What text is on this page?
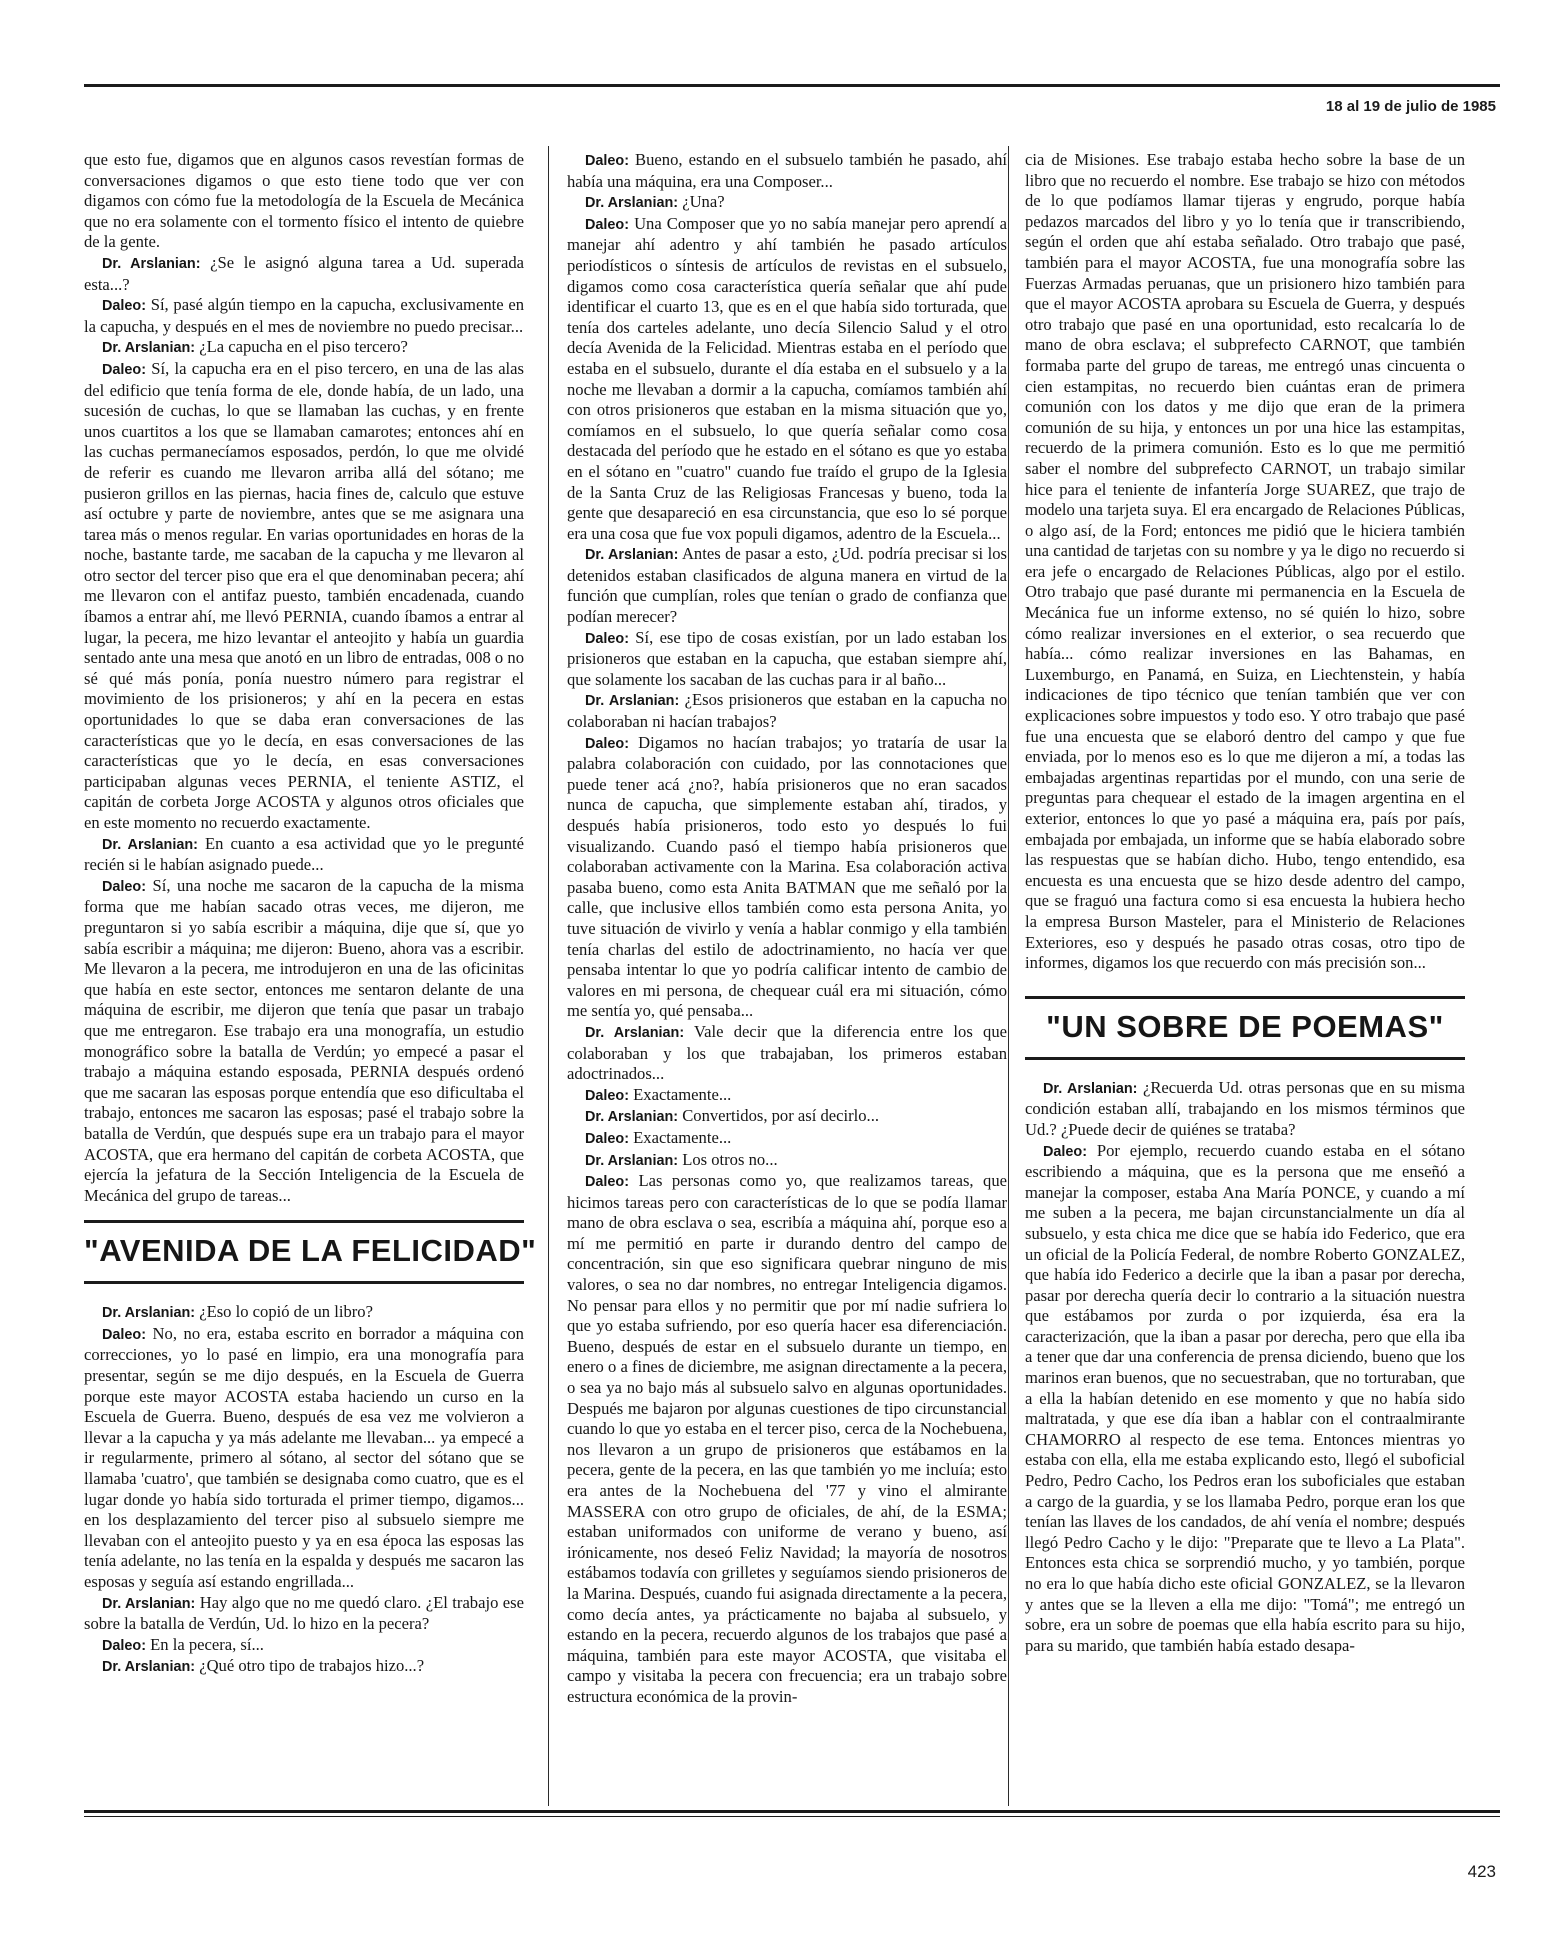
18 al 19 de julio de 1985

que esto fue, digamos que en algunos casos revestían formas de conversaciones digamos o que esto tiene todo que ver con digamos con cómo fue la metodología de la Escuela de Mecánica que no era solamente con el tormento físico el intento de quiebre de la gente.

Dr. Arslanian: ¿Se le asignó alguna tarea a Ud. superada esta...?

Daleo: Sí, pasé algún tiempo en la capucha, exclusivamente en la capucha, y después en el mes de noviembre no puedo precisar...

Dr. Arslanian: ¿La capucha en el piso tercero?

Daleo: Sí, la capucha era en el piso tercero, en una de las alas del edificio que tenía forma de ele, donde había, de un lado, una sucesión de cuchas, lo que se llamaban las cuchas, y en frente unos cuartitos a los que se llamaban camarotes; entonces ahí en las cuchas permanecíamos esposados, perdón, lo que me olvidé de referir es cuando me llevaron arriba allá del sótano; me pusieron grillos en las piernas, hacia fines de, calculo que estuve así octubre y parte de noviembre, antes que se me asignara una tarea más o menos regular. En varias oportunidades en horas de la noche, bastante tarde, me sacaban de la capucha y me llevaron al otro sector del tercer piso que era el que denominaban pecera; ahí me llevaron con el antifaz puesto, también encadenada, cuando íbamos a entrar ahí, me llevó PERNIA, cuando íbamos a entrar al lugar, la pecera, me hizo levantar el anteojito y había un guardia sentado ante una mesa que anotó en un libro de entradas, 008 o no sé qué más ponía, ponía nuestro número para registrar el movimiento de los prisioneros; y ahí en la pecera en estas oportunidades lo que se daba eran conversaciones de las características que yo le decía, en esas conversaciones de las características que yo le decía, en esas conversaciones participaban algunas veces PERNIA, el teniente ASTIZ, el capitán de corbeta Jorge ACOSTA y algunos otros oficiales que en este momento no recuerdo exactamente.

Dr. Arslanian: En cuanto a esa actividad que yo le pregunté recién si le habían asignado puede...

Daleo: Sí, una noche me sacaron de la capucha de la misma forma que me habían sacado otras veces, me dijeron, me preguntaron si yo sabía escribir a máquina, dije que sí, que yo sabía escribir a máquina; me dijeron: Bueno, ahora vas a escribir. Me llevaron a la pecera, me introdujeron en una de las oficinitas que había en este sector, entonces me sentaron delante de una máquina de escribir, me dijeron que tenía que pasar un trabajo que me entregaron. Ese trabajo era una monografía, un estudio monográfico sobre la batalla de Verdún; yo empecé a pasar el trabajo a máquina estando esposada, PERNIA después ordenó que me sacaran las esposas porque entendía que eso dificultaba el trabajo, entonces me sacaron las esposas; pasé el trabajo sobre la batalla de Verdún, que después supe era un trabajo para el mayor ACOSTA, que era hermano del capitán de corbeta ACOSTA, que ejercía la jefatura de la Sección Inteligencia de la Escuela de Mecánica del grupo de tareas...

"AVENIDA DE LA FELICIDAD"

Dr. Arslanian: ¿Eso lo copió de un libro?

Daleo: No, no era, estaba escrito en borrador a máquina con correcciones, yo lo pasé en limpio, era una monografía para presentar, según se me dijo después, en la Escuela de Guerra porque este mayor ACOSTA estaba haciendo un curso en la Escuela de Guerra. Bueno, después de esa vez me volvieron a llevar a la capucha y ya más adelante me llevaban... ya empecé a ir regularmente, primero al sótano, al sector del sótano que se llamaba 'cuatro', que también se designaba como cuatro, que es el lugar donde yo había sido torturada el primer tiempo, digamos... en los desplazamiento del tercer piso al subsuelo siempre me llevaban con el anteojito puesto y ya en esa época las esposas las tenía adelante, no las tenía en la espalda y después me sacaron las esposas y seguía así estando engrillada...

Dr. Arslanian: Hay algo que no me quedó claro. ¿El trabajo ese sobre la batalla de Verdún, Ud. lo hizo en la pecera?

Daleo: En la pecera, sí...

Dr. Arslanian: ¿Qué otro tipo de trabajos hizo...?

Daleo: Bueno, estando en el subsuelo también he pasado, ahí había una máquina, era una Composer...

Dr. Arslanian: ¿Una?

Daleo: Una Composer que yo no sabía manejar pero aprendí a manejar ahí adentro y ahí también he pasado artículos periodísticos o síntesis de artículos de revistas en el subsuelo, digamos como cosa característica quería señalar que ahí pude identificar el cuarto 13, que es en el que había sido torturada, que tenía dos carteles adelante, uno decía Silencio Salud y el otro decía Avenida de la Felicidad. Mientras estaba en el período que estaba en el subsuelo, durante el día estaba en el subsuelo y a la noche me llevaban a dormir a la capucha, comíamos también ahí con otros prisioneros que estaban en la misma situación que yo, comíamos en el subsuelo, lo que quería señalar como cosa destacada del período que he estado en el sótano es que yo estaba en el sótano en "cuatro" cuando fue traído el grupo de la Iglesia de la Santa Cruz de las Religiosas Francesas y bueno, toda la gente que desapareció en esa circunstancia, que eso lo sé porque era una cosa que fue vox populi digamos, adentro de la Escuela...

Dr. Arslanian: Antes de pasar a esto, ¿Ud. podría precisar si los detenidos estaban clasificados de alguna manera en virtud de la función que cumplían, roles que tenían o grado de confianza que podían merecer?

Daleo: Sí, ese tipo de cosas existían, por un lado estaban los prisioneros que estaban en la capucha, que estaban siempre ahí, que solamente los sacaban de las cuchas para ir al baño...

Dr. Arslanian: ¿Esos prisioneros que estaban en la capucha no colaboraban ni hacían trabajos?

Daleo: Digamos no hacían trabajos; yo trataría de usar la palabra colaboración con cuidado, por las connotaciones que puede tener acá ¿no?, había prisioneros que no eran sacados nunca de capucha, que simplemente estaban ahí, tirados, y después había prisioneros, todo esto yo después lo fui visualizando. Cuando pasó el tiempo había prisioneros que colaboraban activamente con la Marina. Esa colaboración activa pasaba bueno, como esta Anita BATMAN que me señaló por la calle, que inclusive ellos también como esta persona Anita, yo tuve situación de vivirlo y venía a hablar conmigo y ella también tenía charlas del estilo de adoctrinamiento, no hacía ver que pensaba intentar lo que yo podría calificar intento de cambio de valores en mi persona, de chequear cuál era mi situación, cómo me sentía yo, qué pensaba...

Dr. Arslanian: Vale decir que la diferencia entre los que colaboraban y los que trabajaban, los primeros estaban adoctrinados...

Daleo: Exactamente...

Dr. Arslanian: Convertidos, por así decirlo...

Daleo: Exactamente...

Dr. Arslanian: Los otros no...

Daleo: Las personas como yo, que realizamos tareas, que hicimos tareas pero con características de lo que se podía llamar mano de obra esclava o sea, escribía a máquina ahí, porque eso a mí me permitió en parte ir durando dentro del campo de concentración, sin que eso significara quebrar ninguno de mis valores, o sea no dar nombres, no entregar Inteligencia digamos. No pensar para ellos y no permitir que por mí nadie sufriera lo que yo estaba sufriendo, por eso quería hacer esa diferenciación. Bueno, después de estar en el subsuelo durante un tiempo, en enero o a fines de diciembre, me asignan directamente a la pecera, o sea ya no bajo más al subsuelo salvo en algunas oportunidades. Después me bajaron por algunas cuestiones de tipo circunstancial cuando lo que yo estaba en el tercer piso, cerca de la Nochebuena, nos llevaron a un grupo de prisioneros que estábamos en la pecera, gente de la pecera, en las que también yo me incluía; esto era antes de la Nochebuena del '77 y vino el almirante MASSERA con otro grupo de oficiales, de ahí, de la ESMA; estaban uniformados con uniforme de verano y bueno, así irónicamente, nos deseó Feliz Navidad; la mayoría de nosotros estábamos todavía con grilletes y seguíamos siendo prisioneros de la Marina. Después, cuando fui asignada directamente a la pecera, como decía antes, ya prácticamente no bajaba al subsuelo, y estando en la pecera, recuerdo algunos de los trabajos que pasé a máquina, también para este mayor ACOSTA, que visitaba el campo y visitaba la pecera con frecuencia; era un trabajo sobre estructura económica de la provin-

cia de Misiones. Ese trabajo estaba hecho sobre la base de un libro que no recuerdo el nombre. Ese trabajo se hizo con métodos de lo que podíamos llamar tijeras y engrudo, porque había pedazos marcados del libro y yo lo tenía que ir transcribiendo, según el orden que ahí estaba señalado. Otro trabajo que pasé, también para el mayor ACOSTA, fue una monografía sobre las Fuerzas Armadas peruanas, que un prisionero hizo también para que el mayor ACOSTA aprobara su Escuela de Guerra, y después otro trabajo que pasé en una oportunidad, esto recalcaría lo de mano de obra esclava; el subprefecto CARNOT, que también formaba parte del grupo de tareas, me entregó unas cincuenta o cien estampitas, no recuerdo bien cuántas eran de primera comunión con los datos y me dijo que eran de la primera comunión de su hija, y entonces un por una hice las estampitas, recuerdo de la primera comunión. Esto es lo que me permitió saber el nombre del subprefecto CARNOT, un trabajo similar hice para el teniente de infantería Jorge SUAREZ, que trajo de modelo una tarjeta suya. El era encargado de Relaciones Públicas, o algo así, de la Ford; entonces me pidió que le hiciera también una cantidad de tarjetas con su nombre y ya le digo no recuerdo si era jefe o encargado de Relaciones Públicas, algo por el estilo. Otro trabajo que pasé durante mi permanencia en la Escuela de Mecánica fue un informe extenso, no sé quién lo hizo, sobre cómo realizar inversiones en el exterior, o sea recuerdo que había... cómo realizar inversiones en las Bahamas, en Luxemburgo, en Panamá, en Suiza, en Liechtenstein, y había indicaciones de tipo técnico que tenían también que ver con explicaciones sobre impuestos y todo eso. Y otro trabajo que pasé fue una encuesta que se elaboró dentro del campo y que fue enviada, por lo menos eso es lo que me dijeron a mí, a todas las embajadas argentinas repartidas por el mundo, con una serie de preguntas para chequear el estado de la imagen argentina en el exterior, entonces lo que yo pasé a máquina era, país por país, embajada por embajada, un informe que se había elaborado sobre las respuestas que se habían dicho. Hubo, tengo entendido, esa encuesta es una encuesta que se hizo desde adentro del campo, que se fraguó una factura como si esa encuesta la hubiera hecho la empresa Burson Masteler, para el Ministerio de Relaciones Exteriores, eso y después he pasado otras cosas, otro tipo de informes, digamos los que recuerdo con más precisión son...

"UN SOBRE DE POEMAS"

Dr. Arslanian: ¿Recuerda Ud. otras personas que en su misma condición estaban allí, trabajando en los mismos términos que Ud.? ¿Puede decir de quiénes se trataba?

Daleo: Por ejemplo, recuerdo cuando estaba en el sótano escribiendo a máquina, que es la persona que me enseñó a manejar la composer, estaba Ana María PONCE, y cuando a mí me suben a la pecera, me bajan circunstancialmente un día al subsuelo, y esta chica me dice que se había ido Federico, que era un oficial de la Policía Federal, de nombre Roberto GONZALEZ, que había ido Federico a decirle que la iban a pasar por derecha, pasar por derecha quería decir lo contrario a la situación nuestra que estábamos por zurda o por izquierda, ésa era la caracterización, que la iban a pasar por derecha, pero que ella iba a tener que dar una conferencia de prensa diciendo, bueno que los marinos eran buenos, que no secuestraban, que no torturaban, que a ella la habían detenido en ese momento y que no había sido maltratada, y que ese día iban a hablar con el contraalmirante CHAMORRO al respecto de ese tema. Entonces mientras yo estaba con ella, ella me estaba explicando esto, llegó el suboficial Pedro, Pedro Cacho, los Pedros eran los suboficiales que estaban a cargo de la guardia, y se los llamaba Pedro, porque eran los que tenían las llaves de los candados, de ahí venía el nombre; después llegó Pedro Cacho y le dijo: "Preparate que te llevo a La Plata". Entonces esta chica se sorprendió mucho, y yo también, porque no era lo que había dicho este oficial GONZALEZ, se la llevaron y antes que se la lleven a ella me dijo: "Tomá"; me entregó un sobre, era un sobre de poemas que ella había escrito para su hijo, para su marido, que también había estado desapa-

423
